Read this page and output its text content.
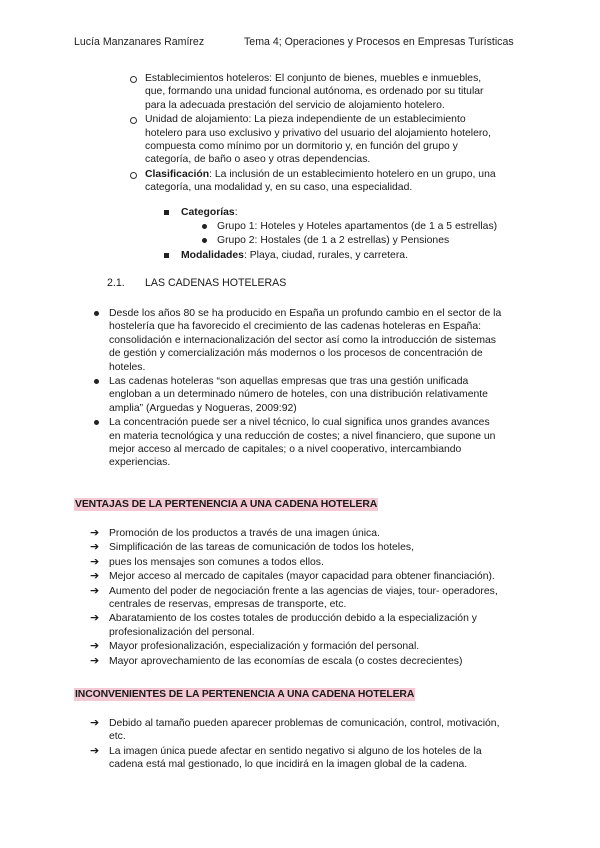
Lucía Manzanares Ramírez	Tema 4; Operaciones y Procesos en Empresas Turísticas
Establecimientos hoteleros: El conjunto de bienes, muebles e inmuebles,
que, formando una unidad funcional autónoma, es ordenado por su titular
para la adecuada prestación del servicio de alojamiento hotelero.
Unidad de alojamiento: La pieza independiente de un establecimiento
hotelero para uso exclusivo y privativo del usuario del alojamiento hotelero,
compuesta como mínimo por un dormitorio y, en función del grupo y
categoría, de baño o aseo y otras dependencias.
Clasificación: La inclusión de un establecimiento hotelero en un grupo, una
categoría, una modalidad y, en su caso, una especialidad.
Categorías:
Grupo 1: Hoteles y Hoteles apartamentos (de 1 a 5 estrellas)
Grupo 2: Hostales (de 1 a 2 estrellas) y Pensiones
Modalidades: Playa, ciudad, rurales, y carretera.
2.1. LAS CADENAS HOTELERAS
Desde los años 80 se ha producido en España un profundo cambio en el sector de la
hostelería que ha favorecido el crecimiento de las cadenas hoteleras en España:
consolidación e internacionalización del sector así como la introducción de sistemas
de gestión y comercialización más modernos o los procesos de concentración de
hoteles.
Las cadenas hoteleras “son aquellas empresas que tras una gestión unificada
engloban a un determinado número de hoteles, con una distribución relativamente
amplia” (Arguedas y Nogueras, 2009:92)
La concentración puede ser a nivel técnico, lo cual significa unos grandes avances
en materia tecnológica y una reducción de costes; a nivel financiero, que supone un
mejor acceso al mercado de capitales; o a nivel cooperativo, intercambiando
experiencias.
VENTAJAS DE LA PERTENENCIA A UNA CADENA HOTELERA
➔ Promoción de los productos a través de una imagen única.
➔ Simplificación de las tareas de comunicación de todos los hoteles,
➔ pues los mensajes son comunes a todos ellos.
➔ Mejor acceso al mercado de capitales (mayor capacidad para obtener financiación).
➔ Aumento del poder de negociación frente a las agencias de viajes, tour- operadores,
centrales de reservas, empresas de transporte, etc.
➔ Abaratamiento de los costes totales de producción debido a la especialización y
profesionalización del personal.
➔ Mayor profesionalización, especialización y formación del personal.
➔ Mayor aprovechamiento de las economías de escala (o costes decrecientes)
INCONVENIENTES DE LA PERTENENCIA A UNA CADENA HOTELERA
➔ Debido al tamaño pueden aparecer problemas de comunicación, control, motivación,
etc.
➔ La imagen única puede afectar en sentido negativo si alguno de los hoteles de la
cadena está mal gestionado, lo que incidirá en la imagen global de la cadena.
